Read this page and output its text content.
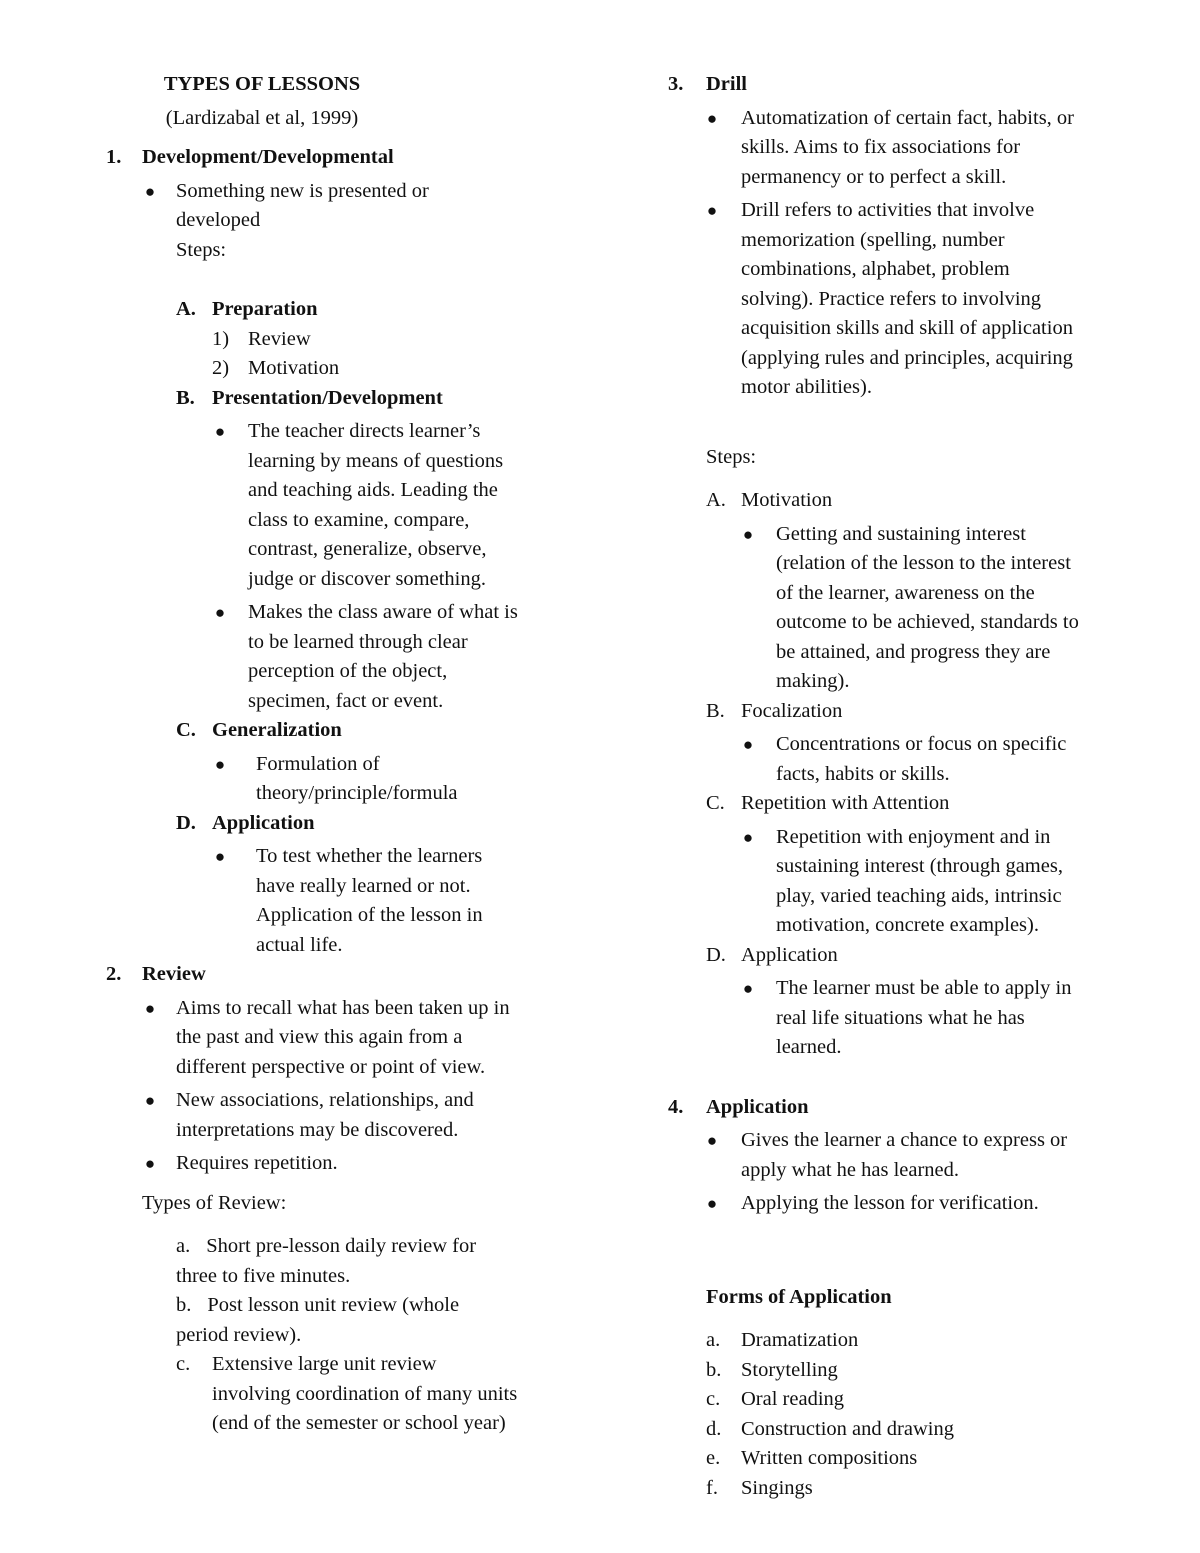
TYPES OF LESSONS
(Lardizabal et al, 1999)
1. Development/Developmental
● Something new is presented or
developed
Steps:
A. Preparation
1) Review
2) Motivation
B. Presentation/Development
● The teacher directs learner’s
learning by means of questions
and teaching aids. Leading the
class to examine, compare,
contrast, generalize, observe,
judge or discover something.
● Makes the class aware of what is
to be learned through clear
perception of the object,
specimen, fact or event.
C. Generalization
● Formulation of
theory/principle/formula
D. Application
● To test whether the learners
have really learned or not.
Application of the lesson in
actual life.
2. Review
● Aims to recall what has been taken up in
the past and view this again from a
different perspective or point of view.
● New associations, relationships, and
interpretations may be discovered.
● Requires repetition.
Types of Review:
a. Short pre-lesson daily review for
three to five minutes.
b. Post lesson unit review (whole
period review).
c. Extensive large unit review
involving coordination of many units
(end of the semester or school year)
3. Drill
● Automatization of certain fact, habits, or
skills. Aims to fix associations for
permanency or to perfect a skill.
● Drill refers to activities that involve
memorization (spelling, number
combinations, alphabet, problem
solving). Practice refers to involving
acquisition skills and skill of application
(applying rules and principles, acquiring
motor abilities).
Steps:
A. Motivation
● Getting and sustaining interest
(relation of the lesson to the interest
of the learner, awareness on the
outcome to be achieved, standards to
be attained, and progress they are
making).
B. Focalization
● Concentrations or focus on specific
facts, habits or skills.
C. Repetition with Attention
● Repetition with enjoyment and in
sustaining interest (through games,
play, varied teaching aids, intrinsic
motivation, concrete examples).
D. Application
● The learner must be able to apply in
real life situations what he has
learned.
4. Application
● Gives the learner a chance to express or
apply what he has learned.
● Applying the lesson for verification.
Forms of Application
a. Dramatization
b. Storytelling
c. Oral reading
d. Construction and drawing
e. Written compositions
f. Singings
